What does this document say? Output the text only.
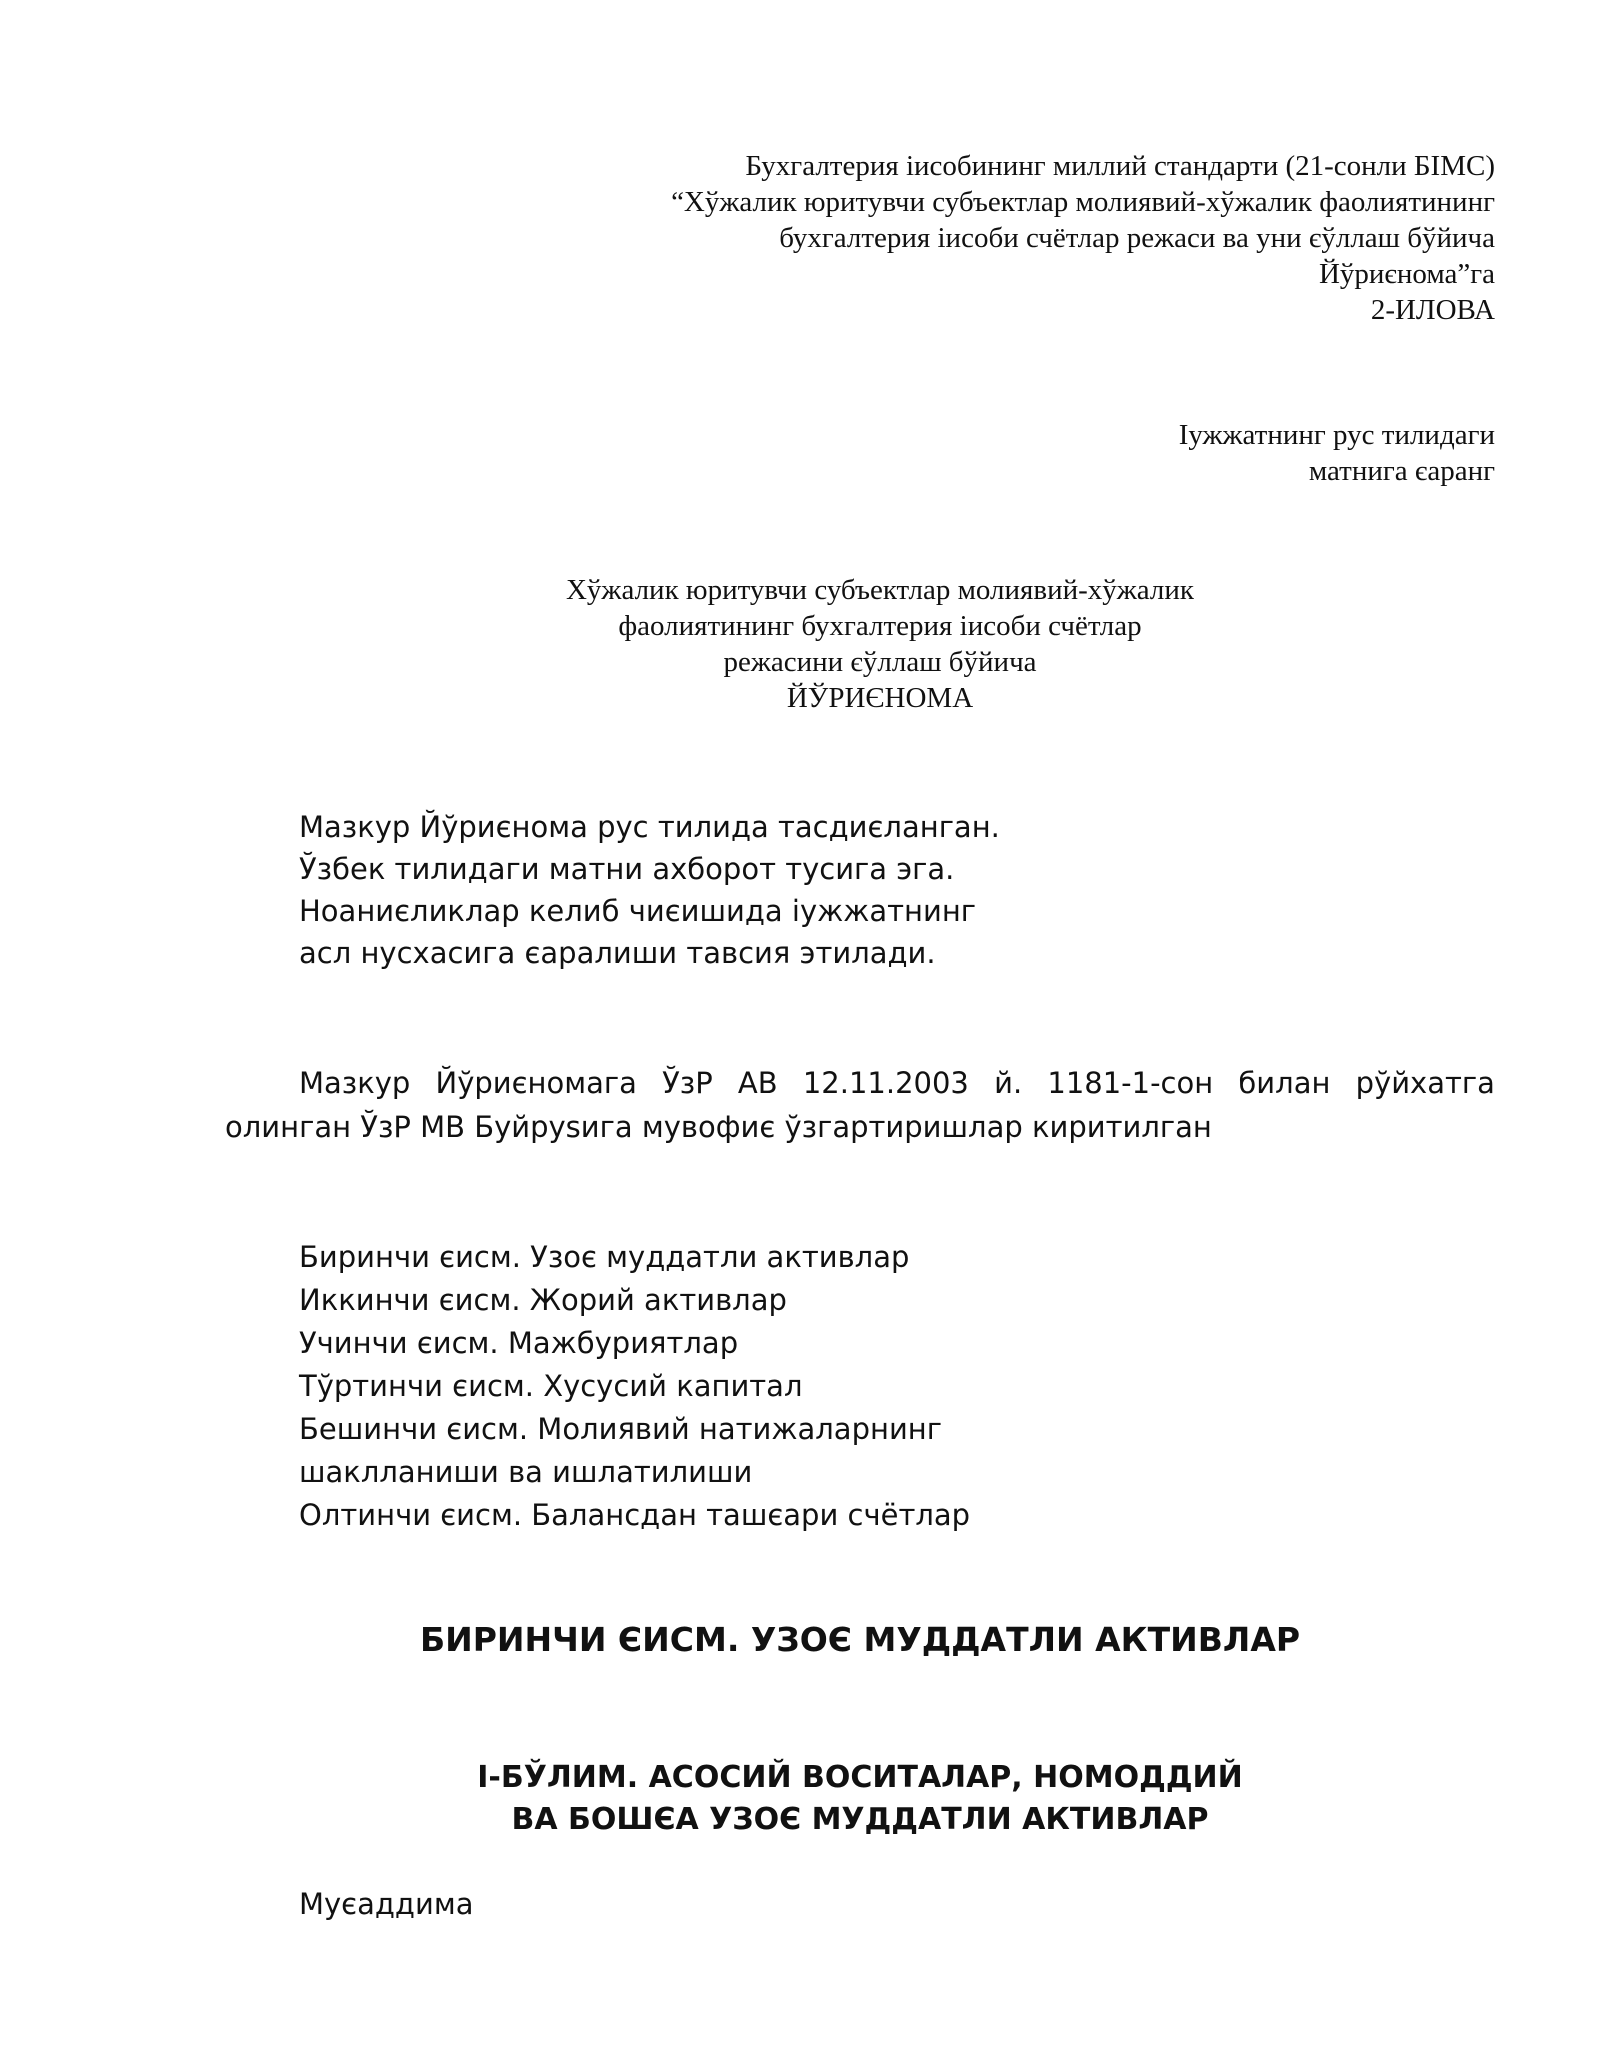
Бухгалтерия іисобининг миллий стандарти (21-сонли БІМС)
“Хўжалик юритувчи субъектлар молиявий-хўжалик фаолиятининг
бухгалтерия іисоби счётлар режаси ва уни єўллаш бўйича
Йўриєнома”га
2-ИЛОВА
Іужжатнинг рус тилидаги
матнига єаранг
Хўжалик юритувчи субъектлар молиявий-хўжалик
фаолиятининг бухгалтерия іисоби счётлар
режасини єўллаш бўйича
ЙЎРИЄНОМА
Мазкур Йўриєнома рус тилида тасдиєланган.
Ўзбек тилидаги матни ахборот тусига эга.
Ноаниєликлар келиб чиєишида іужжатнинг
асл нусхасига єаралиши тавсия этилади.
Мазкур Йўриєномага ЎзР АВ 12.11.2003 й. 1181-1-сон билан рўйхатга
олинган ЎзР МВ Буйруѕига мувофиє ўзгартиришлар киритилган
Биринчи єисм. Узоє муддатли активлар
Иккинчи єисм. Жорий активлар
Учинчи єисм. Мажбуриятлар
Тўртинчи єисм. Хусусий капитал
Бешинчи єисм. Молиявий натижаларнинг
шаклланиши ва ишлатилиши
Олтинчи єисм. Балансдан ташєари счётлар
БИРИНЧИ ЄИСМ. УЗОЄ МУДДАТЛИ АКТИВЛАР
I-БЎЛИМ. АСОСИЙ ВОСИТАЛАР, НОМОДДИЙ
ВА БОШЄА УЗОЄ МУДДАТЛИ АКТИВЛАР
Муєаддима
